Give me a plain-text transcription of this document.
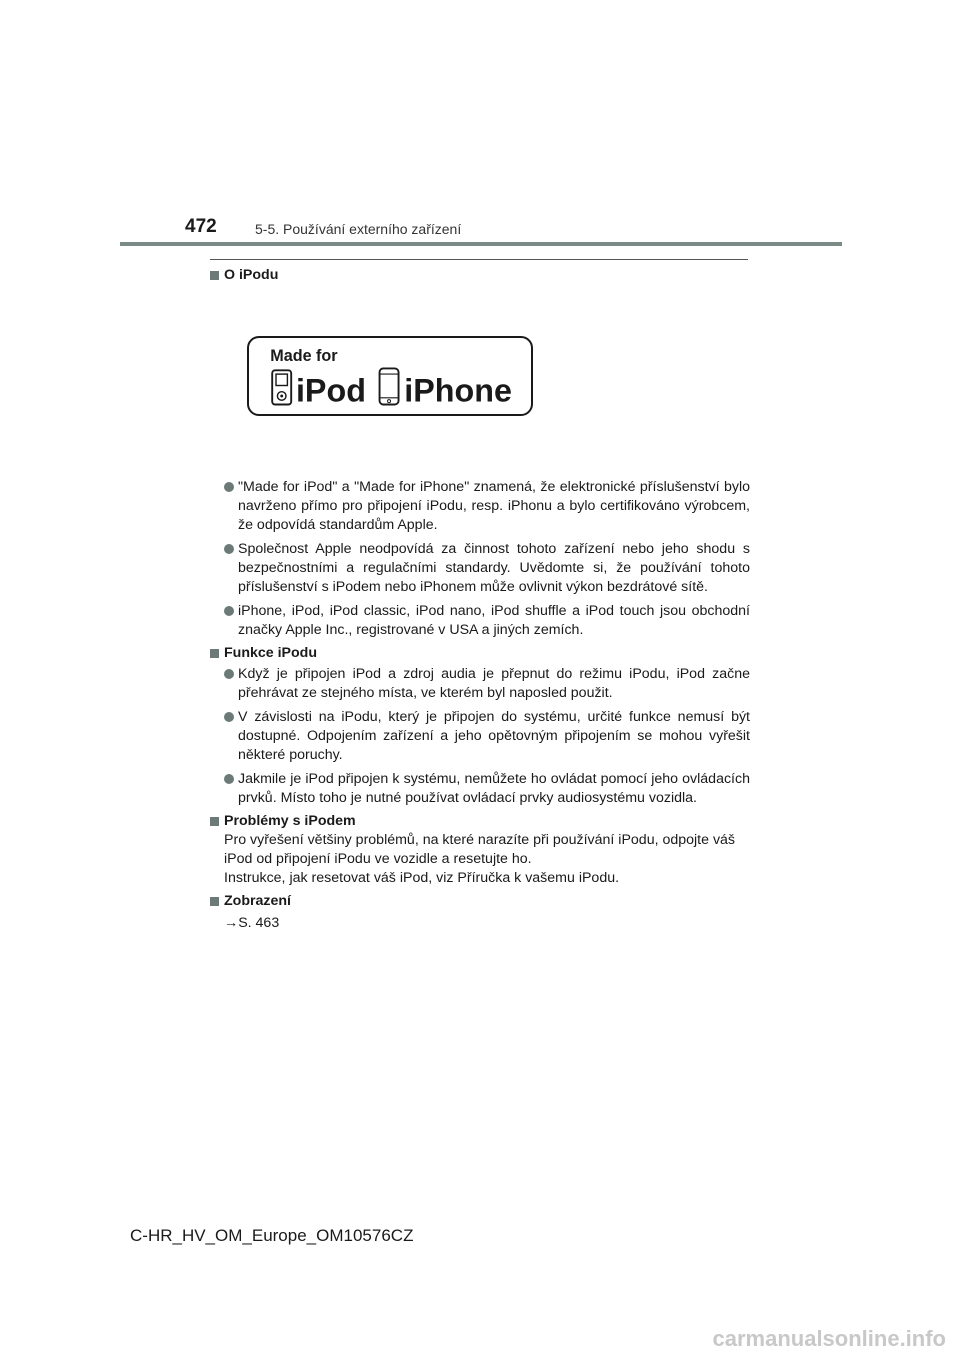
472	5-5. Používání externího zařízení

O iPodu

"Made for iPod" a "Made for iPhone" znamená, že elektronické příslušenství bylo navrženo přímo pro připojení iPodu, resp. iPhonu a bylo certifikováno výrobcem, že odpovídá standardům Apple.

Společnost Apple neodpovídá za činnost tohoto zařízení nebo jeho shodu s bezpečnostními a regulačními standardy. Uvědomte si, že používání tohoto příslušenství s iPodem nebo iPhonem může ovlivnit výkon bezdrátové sítě.

iPhone, iPod, iPod classic, iPod nano, iPod shuffle a iPod touch jsou obchodní značky Apple Inc., registrované v USA a jiných zemích.

Funkce iPodu

Když je připojen iPod a zdroj audia je přepnut do režimu iPodu, iPod začne přehrávat ze stejného místa, ve kterém byl naposled použit.

V závislosti na iPodu, který je připojen do systému, určité funkce nemusí být dostupné. Odpojením zařízení a jeho opětovným připojením se mohou vyřešit některé poruchy.

Jakmile je iPod připojen k systému, nemůžete ho ovládat pomocí jeho ovládacích prvků. Místo toho je nutné používat ovládací prvky audiosystému vozidla.

Problémy s iPodem

Pro vyřešení většiny problémů, na které narazíte při používání iPodu, odpojte váš iPod od připojení iPodu ve vozidle a resetujte ho.

Instrukce, jak resetovat váš iPod, viz Příručka k vašemu iPodu.

Zobrazení

→S. 463

Made for
iPod iPhone
C-HR_HV_OM_Europe_OM10576CZ
carmanualsonline.info
